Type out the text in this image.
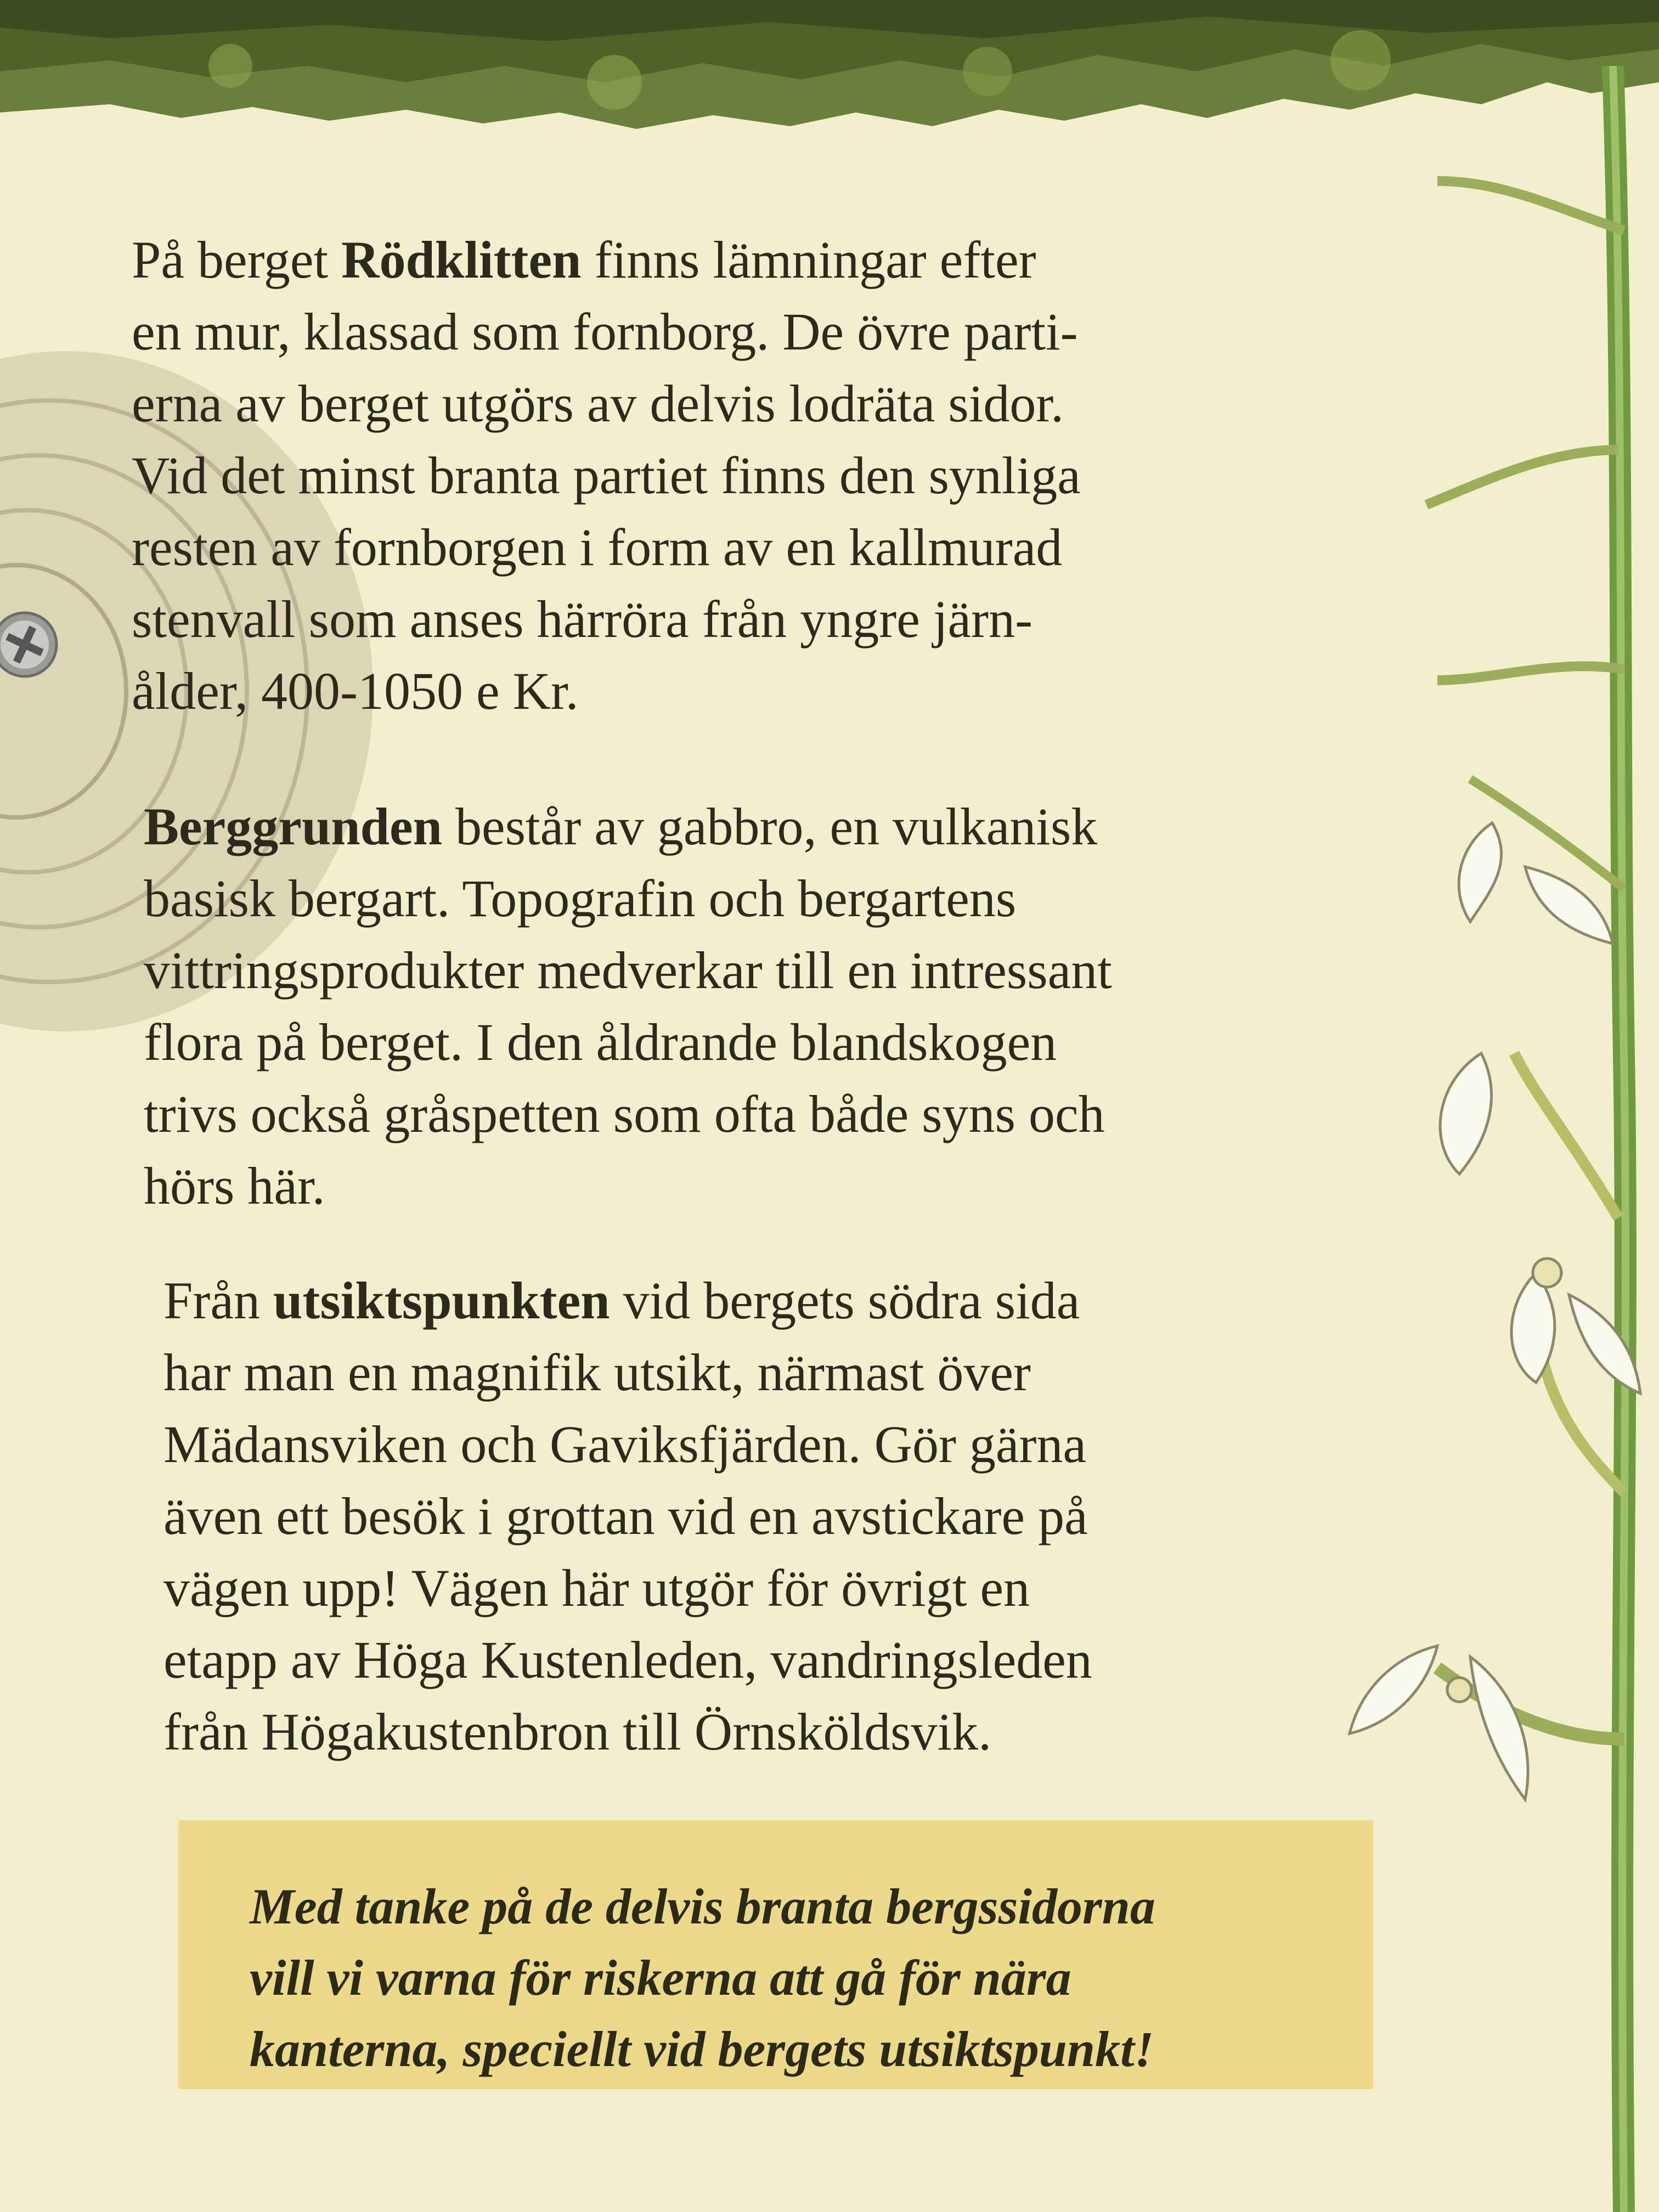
På berget Rödklitten finns lämningar efter
en mur, klassad som fornborg. De övre parti-
erna av berget utgörs av delvis lodräta sidor.
Vid det minst branta partiet finns den synliga
resten av fornborgen i form av en kallmurad
stenvall som anses härröra från yngre järn-
ålder, 400-1050 e Kr.
Berggrunden består av gabbro, en vulkanisk
basisk bergart. Topografin och bergartens
vittringsprodukter medverkar till en intressant
flora på berget. I den åldrande blandskogen
trivs också gråspetten som ofta både syns och
hörs här.
Från utsiktspunkten vid bergets södra sida
har man en magnifik utsikt, närmast över
Mädansviken och Gaviksfjärden. Gör gärna
även ett besök i grottan vid en avstickare på
vägen upp! Vägen här utgör för övrigt en
etapp av Höga Kustenleden, vandringsleden
från Högakustenbron till Örnsköldsvik.
Med tanke på de delvis branta bergssidorna
vill vi varna för riskerna att gå för nära
kanterna, speciellt vid bergets utsiktspunkt!
